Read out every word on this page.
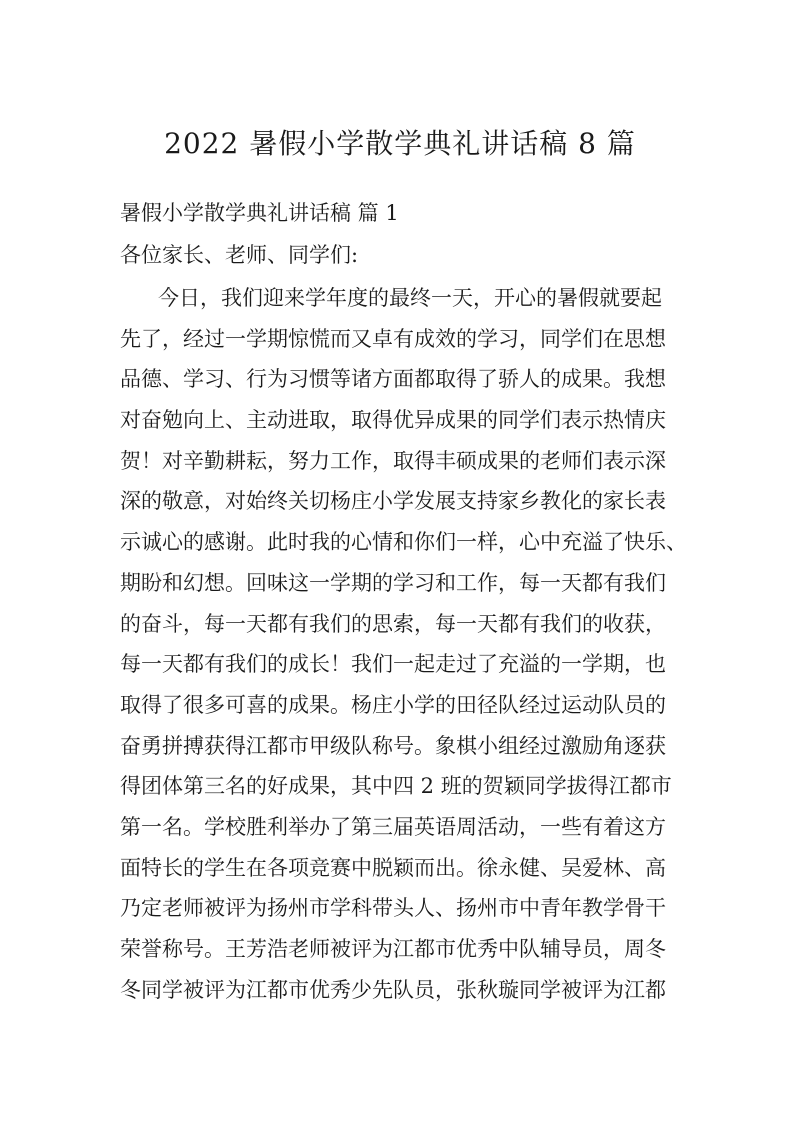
2022 暑假小学散学典礼讲话稿 8 篇

暑假小学散学典礼讲话稿 篇 1

各位家长、老师、同学们:

今日，我们迎来学年度的最终一天，开心的暑假就要起
先了，经过一学期惊慌而又卓有成效的学习，同学们在思想
品德、学习、行为习惯等诸方面都取得了骄人的成果。我想
对奋勉向上、主动进取，取得优异成果的同学们表示热情庆
贺！对辛勤耕耘，努力工作，取得丰硕成果的老师们表示深
深的敬意，对始终关切杨庄小学发展支持家乡教化的家长表
示诚心的感谢。此时我的心情和你们一样，心中充溢了快乐、
期盼和幻想。回味这一学期的学习和工作，每一天都有我们
的奋斗，每一天都有我们的思索，每一天都有我们的收获，
每一天都有我们的成长！我们一起走过了充溢的一学期，也
取得了很多可喜的成果。杨庄小学的田径队经过运动队员的
奋勇拼搏获得江都市甲级队称号。象棋小组经过激励角逐获
得团体第三名的好成果，其中四 2 班的贺颖同学拔得江都市
第一名。学校胜利举办了第三届英语周活动，一些有着这方
面特长的学生在各项竞赛中脱颖而出。徐永健、吴爱林、高
乃定老师被评为扬州市学科带头人、扬州市中青年教学骨干
荣誉称号。王芳浩老师被评为江都市优秀中队辅导员，周冬
冬同学被评为江都市优秀少先队员，张秋璇同学被评为江都
